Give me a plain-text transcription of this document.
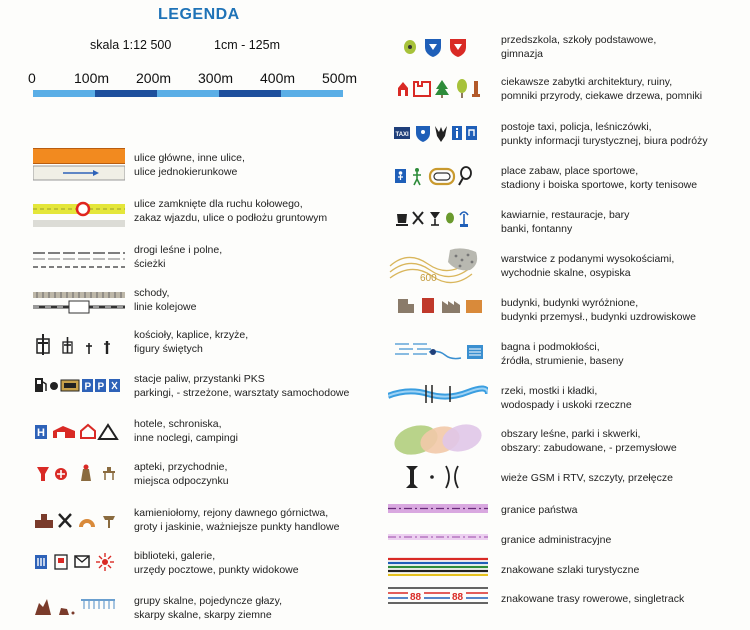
LEGENDA
skala 1:12 500	1cm - 125m
0	100m 200m 300m 400m 500m
P P
H
ulice główne, inne ulice,
ulice jednokierunkowe
ulice zamknięte dla ruchu kołowego,
zakaz wjazdu, ulice o podłożu gruntowym
drogi leśne i polne,
ścieżki
schody,
linie kolejowe
kościoły, kaplice, krzyże,
figury świętych
stacje paliw, przystanki PKS
parkingi, - strzeżone, warsztaty samochodowe
hotele, schroniska,
inne noclegi, campingi
apteki, przychodnie,
miejsca odpoczynku
kamieniołomy, rejony dawnego górnictwa,
groty i jaskinie, ważniejsze punkty handlowe
biblioteki, galerie,
urzędy pocztowe, punkty widokowe
grupy skalne, pojedyncze głazy,
skarpy skalne, skarpy ziemne
TAXI
600
88	88
przedszkola, szkoły podstawowe,
gimnazja
ciekawsze zabytki architektury, ruiny,
pomniki przyrody, ciekawe drzewa, pomniki
postoje taxi, policja, leśniczówki,
punkty informacji turystycznej, biura podróży
place zabaw, place sportowe,
stadiony i boiska sportowe, korty tenisowe
kawiarnie, restauracje, bary
banki, fontanny
warstwice z podanymi wysokościami,
wychodnie skalne, osypiska
budynki, budynki wyróżnione,
budynki przemysł., budynki uzdrowiskowe
bagna i podmokłości,
źródła, strumienie, baseny
rzeki, mostki i kładki,
wodospady i uskoki rzeczne
obszary leśne, parki i skwerki,
obszary: zabudowane, - przemysłowe
wieże GSM i RTV, szczyty, przełęcze
granice państwa
granice administracyjne
znakowane szlaki turystyczne
znakowane trasy rowerowe, singletrack
